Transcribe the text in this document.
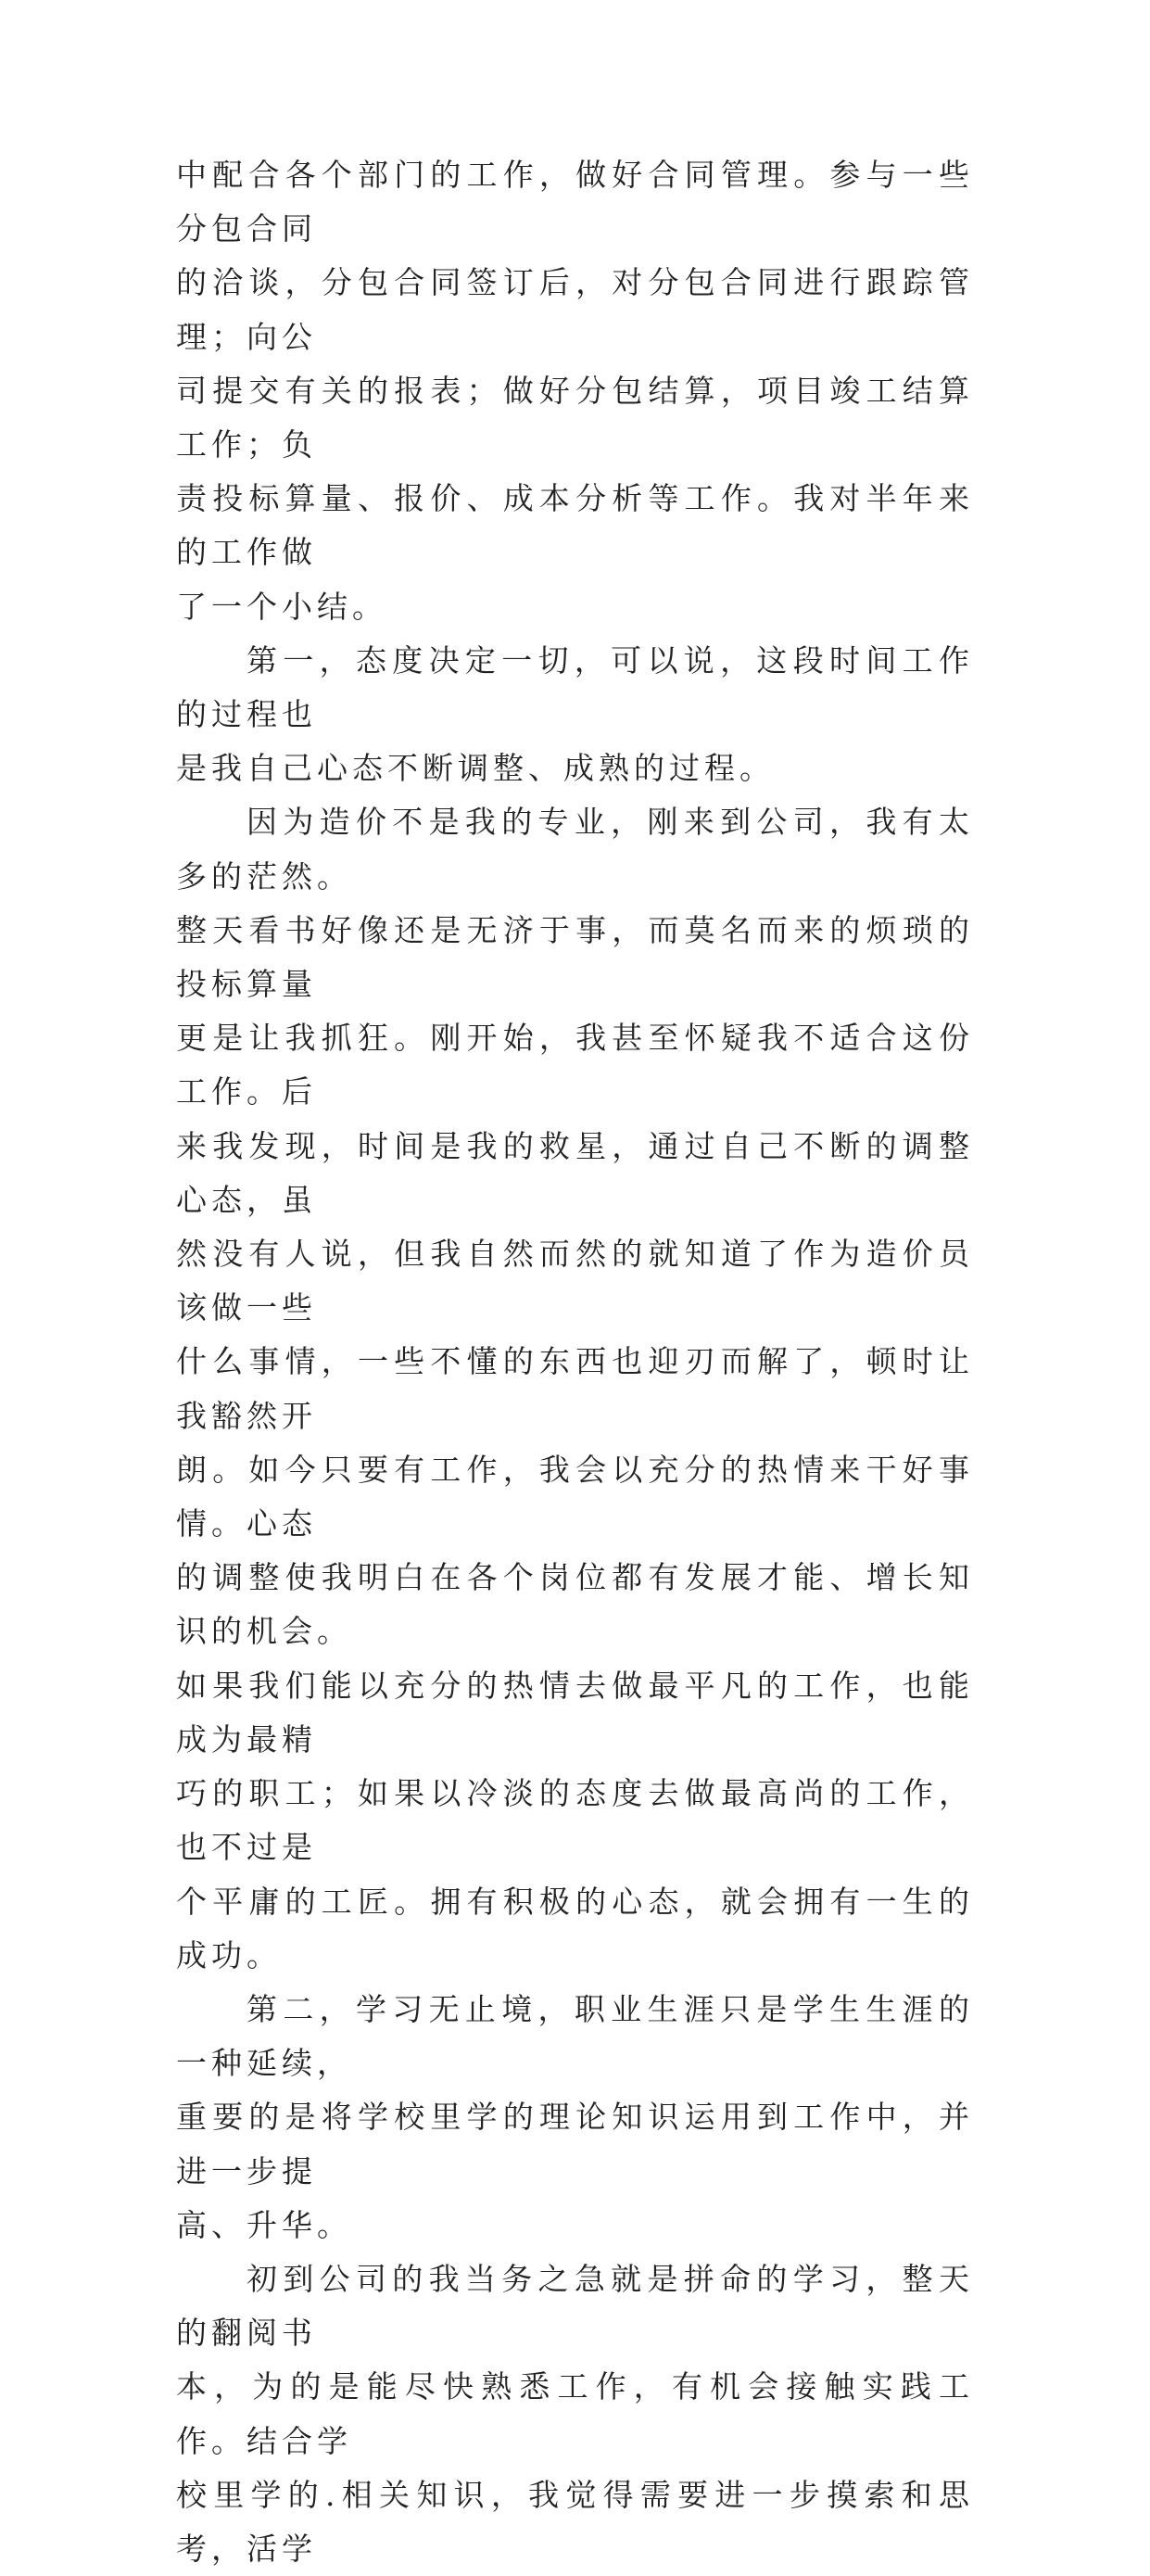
中配合各个部门的工作，做好合同管理。参与一些分包合同
的洽谈，分包合同签订后，对分包合同进行跟踪管理；向公
司提交有关的报表；做好分包结算，项目竣工结算工作；负
责投标算量、报价、成本分析等工作。我对半年来的工作做
了一个小结。

第一，态度决定一切，可以说，这段时间工作的过程也
是我自己心态不断调整、成熟的过程。

因为造价不是我的专业，刚来到公司，我有太多的茫然。
整天看书好像还是无济于事，而莫名而来的烦琐的投标算量
更是让我抓狂。刚开始，我甚至怀疑我不适合这份工作。后
来我发现，时间是我的救星，通过自己不断的调整心态，虽
然没有人说，但我自然而然的就知道了作为造价员该做一些
什么事情，一些不懂的东西也迎刃而解了，顿时让我豁然开
朗。如今只要有工作，我会以充分的热情来干好事情。心态
的调整使我明白在各个岗位都有发展才能、增长知识的机会。
如果我们能以充分的热情去做最平凡的工作，也能成为最精
巧的职工；如果以冷淡的态度去做最高尚的工作，也不过是
个平庸的工匠。拥有积极的心态，就会拥有一生的成功。

第二，学习无止境，职业生涯只是学生生涯的一种延续，
重要的是将学校里学的理论知识运用到工作中，并进一步提
高、升华。

初到公司的我当务之急就是拼命的学习，整天的翻阅书
本，为的是能尽快熟悉工作，有机会接触实践工作。结合学
校里学的.相关知识，我觉得需要进一步摸索和思考，活学
